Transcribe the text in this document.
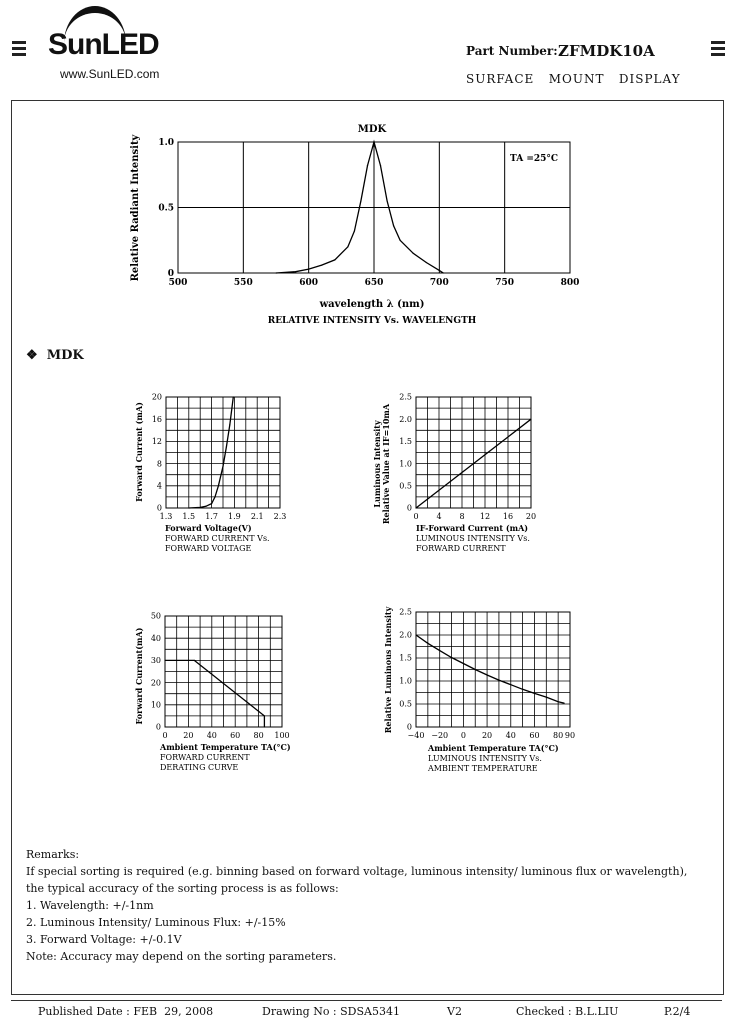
SunLED
www.SunLED.com
Part Number: ZFMDK10A
SURFACE   MOUNT   DISPLAY
500	550	600	650	700	750	800
0
0.5
1.0
MDK
TA =25°C
Relative Radiant Intensity
wavelength λ (nm)
RELATIVE INTENSITY Vs. WAVELENGTH
❖  MDK
1.3 1.5 1.7 1.9 2.1 2.3
0
4
8
12
16
20
Forward Current (mA)
Forward Voltage(V)
FORWARD CURRENT Vs.
FORWARD VOLTAGE
0 4 8 12 16 20
0
0.5
1.0
1.5
2.0
2.5
Luminous Intensity Relative Value at IF=10mA
IF-Forward Current (mA)
LUMINOUS INTENSITY Vs.
FORWARD CURRENT
0 20 40 60 80 100
0
10
20
30
40
50
Forward Current(mA)
Ambient Temperature TA(°C)
FORWARD CURRENT
DERATING CURVE
−40 −20 0 20 40 60 80 90
0
0.5
1.0
1.5
2.0
2.5
Relative Luminous Intensity
Ambient Temperature TA(°C)
LUMINOUS INTENSITY Vs.
AMBIENT TEMPERATURE
Remarks:
If special sorting is required (e.g. binning based on forward voltage, luminous intensity/ luminous flux or wavelength),
the typical accuracy of the sorting process is as follows:
1. Wavelength: +/-1nm
2. Luminous Intensity/ Luminous Flux: +/-15%
3. Forward Voltage: +/-0.1V
Note: Accuracy may depend on the sorting parameters.
Published Date : FEB  29, 2008	Drawing No : SDSA5341	V2	Checked : B.L.LIU	P.2/4
